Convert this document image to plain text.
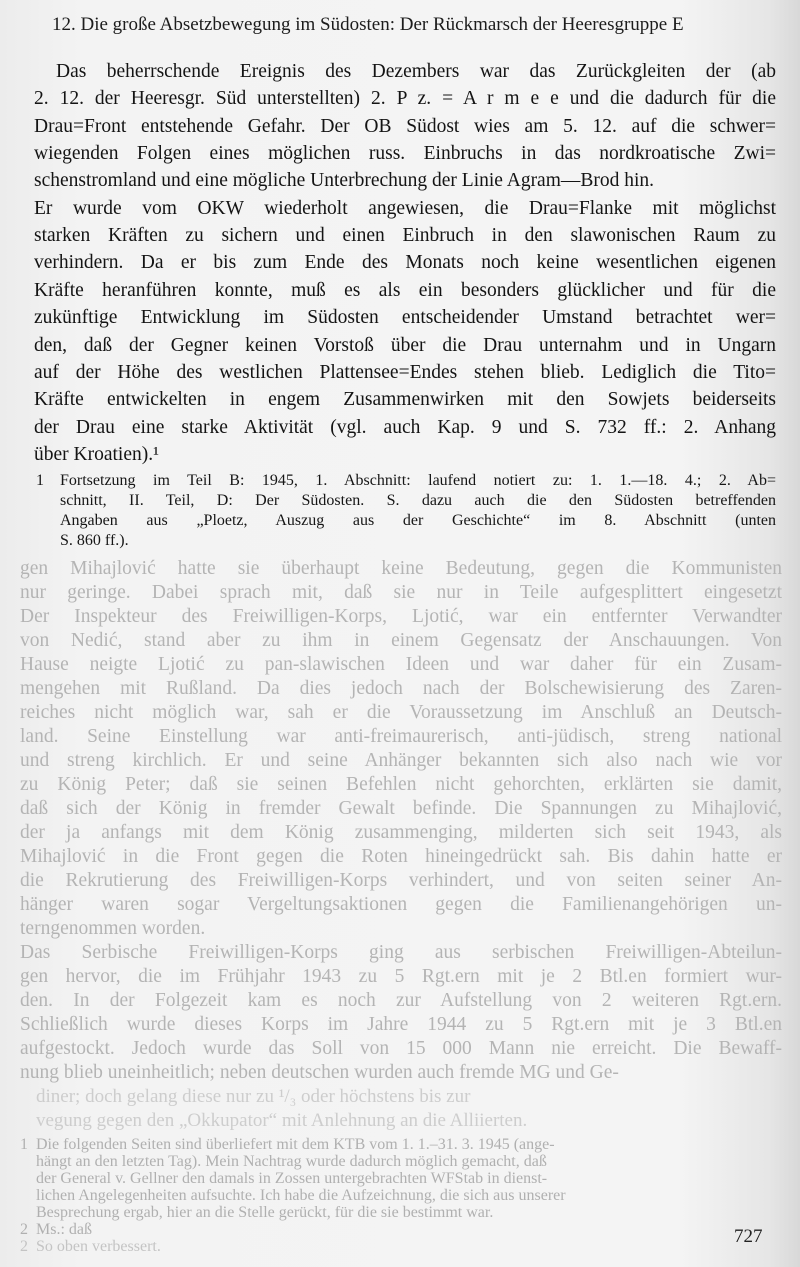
gen Mihajlović hatte sie überhaupt keine Bedeutung, gegen die Kommunisten
nur geringe. Dabei sprach mit, daß sie nur in Teile aufgesplittert eingesetzt
Der Inspekteur des Freiwilligen-Korps, Ljotić, war ein entfernter Verwandter
von Nedić, stand aber zu ihm in einem Gegensatz der Anschauungen. Von
Hause neigte Ljotić zu pan-slawischen Ideen und war daher für ein Zusam-
mengehen mit Rußland. Da dies jedoch nach der Bolschewisierung des Zaren-
reiches nicht möglich war, sah er die Voraussetzung im Anschluß an Deutsch-
land. Seine Einstellung war anti-freimaurerisch, anti-jüdisch, streng national
und streng kirchlich. Er und seine Anhänger bekannten sich also nach wie vor
zu König Peter; daß sie seinen Befehlen nicht gehorchten, erklärten sie damit,
daß sich der König in fremder Gewalt befinde. Die Spannungen zu Mihajlović,
der ja anfangs mit dem König zusammenging, milderten sich seit 1943, als
Mihajlović in die Front gegen die Roten hineingedrückt sah. Bis dahin hatte er
die Rekrutierung des Freiwilligen-Korps verhindert, und von seiten seiner An-
hänger waren sogar Vergeltungsaktionen gegen die Familienangehörigen un-
terngenommen worden.
Das Serbische Freiwilligen-Korps ging aus serbischen Freiwilligen-Abteilun-
gen hervor, die im Frühjahr 1943 zu 5 Rgt.ern mit je 2 Btl.en formiert wur-
den. In der Folgezeit kam es noch zur Aufstellung von 2 weiteren Rgt.ern.
Schließlich wurde dieses Korps im Jahre 1944 zu 5 Rgt.ern mit je 3 Btl.en
aufgestockt. Jedoch wurde das Soll von 15 000 Mann nie erreicht. Die Bewaff-
nung blieb uneinheitlich; neben deutschen wurden auch fremde MG und Ge-
diner; doch gelang diese nur zu ¹/₃ oder höchstens bis zur
vegung gegen den „Okkupator“ mit Anlehnung an die Alliierten.
1  Die folgenden Seiten sind überliefert mit dem KTB vom 1. 1.–31. 3. 1945 (ange-
hängt an den letzten Tag). Mein Nachtrag wurde dadurch möglich gemacht, daß
der General v. Gellner den damals in Zossen untergebrachten WFStab in dienst-
lichen Angelegenheiten aufsuchte. Ich habe die Aufzeichnung, die sich aus unserer
Besprechung ergab, hier an die Stelle gerückt, für die sie bestimmt war.
2  Ms.: daß
2  So oben verbessert.
12. Die große Absetzbewegung im Südosten: Der Rückmarsch der Heeresgruppe E
Das beherrschende Ereignis des Dezembers war das Zurückgleiten der (ab
2. 12. der Heeresgr. Süd unterstellten) 2. P z. = A r m e e und die dadurch für die
Drau=Front entstehende Gefahr. Der OB Südost wies am 5. 12. auf die schwer=
wiegenden Folgen eines möglichen russ. Einbruchs in das nordkroatische Zwi=
schenstromland und eine mögliche Unterbrechung der Linie Agram—Brod hin.
Er wurde vom OKW wiederholt angewiesen, die Drau=Flanke mit möglichst
starken Kräften zu sichern und einen Einbruch in den slawonischen Raum zu
verhindern. Da er bis zum Ende des Monats noch keine wesentlichen eigenen
Kräfte heranführen konnte, muß es als ein besonders glücklicher und für die
zukünftige Entwicklung im Südosten entscheidender Umstand betrachtet wer=
den, daß der Gegner keinen Vorstoß über die Drau unternahm und in Ungarn
auf der Höhe des westlichen Plattensee=Endes stehen blieb. Lediglich die Tito=
Kräfte entwickelten in engem Zusammenwirken mit den Sowjets beiderseits
der Drau eine starke Aktivität (vgl. auch Kap. 9 und S. 732 ff.: 2. Anhang
über Kroatien).¹
1 Fortsetzung im Teil B: 1945, 1. Abschnitt: laufend notiert zu: 1. 1.—18. 4.; 2. Ab=
schnitt, II. Teil, D: Der Südosten. S. dazu auch die den Südosten betreffenden
Angaben aus „Ploetz, Auszug aus der Geschichte“ im 8. Abschnitt (unten
S. 860 ff.).
727
